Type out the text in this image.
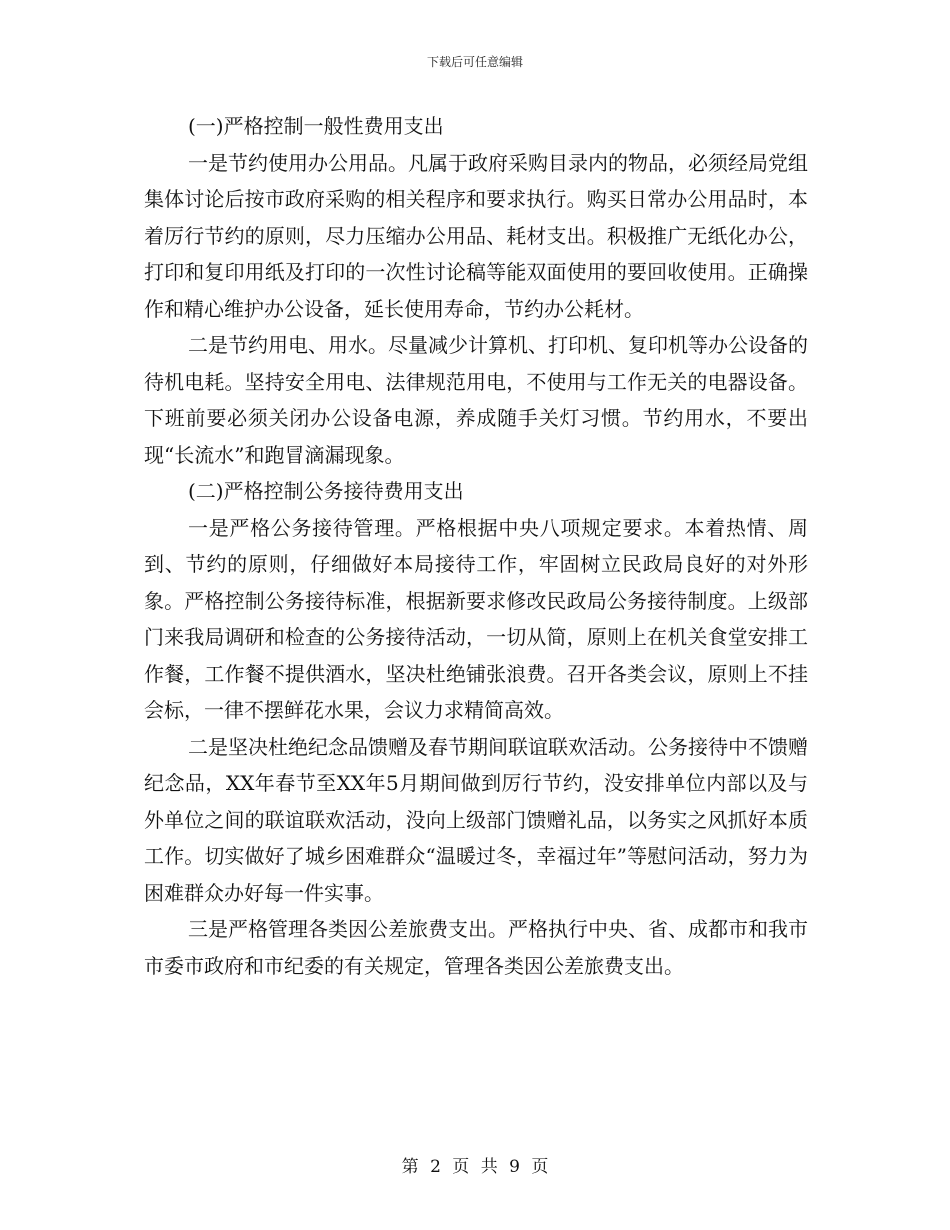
下载后可任意编辑

(一)严格控制一般性费用支出

一是节约使用办公用品。凡属于政府采购目录内的物品，必须经局党组集体讨论后按市政府采购的相关程序和要求执行。购买日常办公用品时，本着厉行节约的原则，尽力压缩办公用品、耗材支出。积极推广无纸化办公，打印和复印用纸及打印的一次性讨论稿等能双面使用的要回收使用。正确操作和精心维护办公设备，延长使用寿命，节约办公耗材。

二是节约用电、用水。尽量减少计算机、打印机、复印机等办公设备的待机电耗。坚持安全用电、法律规范用电，不使用与工作无关的电器设备。下班前要必须关闭办公设备电源，养成随手关灯习惯。节约用水，不要出现“长流水”和跑冒滴漏现象。

(二)严格控制公务接待费用支出

一是严格公务接待管理。严格根据中央八项规定要求。本着热情、周到、节约的原则，仔细做好本局接待工作，牢固树立民政局良好的对外形象。严格控制公务接待标准，根据新要求修改民政局公务接待制度。上级部门来我局调研和检查的公务接待活动，一切从简，原则上在机关食堂安排工作餐，工作餐不提供酒水，坚决杜绝铺张浪费。召开各类会议，原则上不挂会标，一律不摆鲜花水果，会议力求精简高效。

二是坚决杜绝纪念品馈赠及春节期间联谊联欢活动。公务接待中不馈赠纪念品，XX年春节至XX年5月期间做到厉行节约，没安排单位内部以及与外单位之间的联谊联欢活动，没向上级部门馈赠礼品，以务实之风抓好本质工作。切实做好了城乡困难群众“温暖过冬，幸福过年”等慰问活动，努力为困难群众办好每一件实事。

三是严格管理各类因公差旅费支出。严格执行中央、省、成都市和我市市委市政府和市纪委的有关规定，管理各类因公差旅费支出。

第 2 页 共 9 页
